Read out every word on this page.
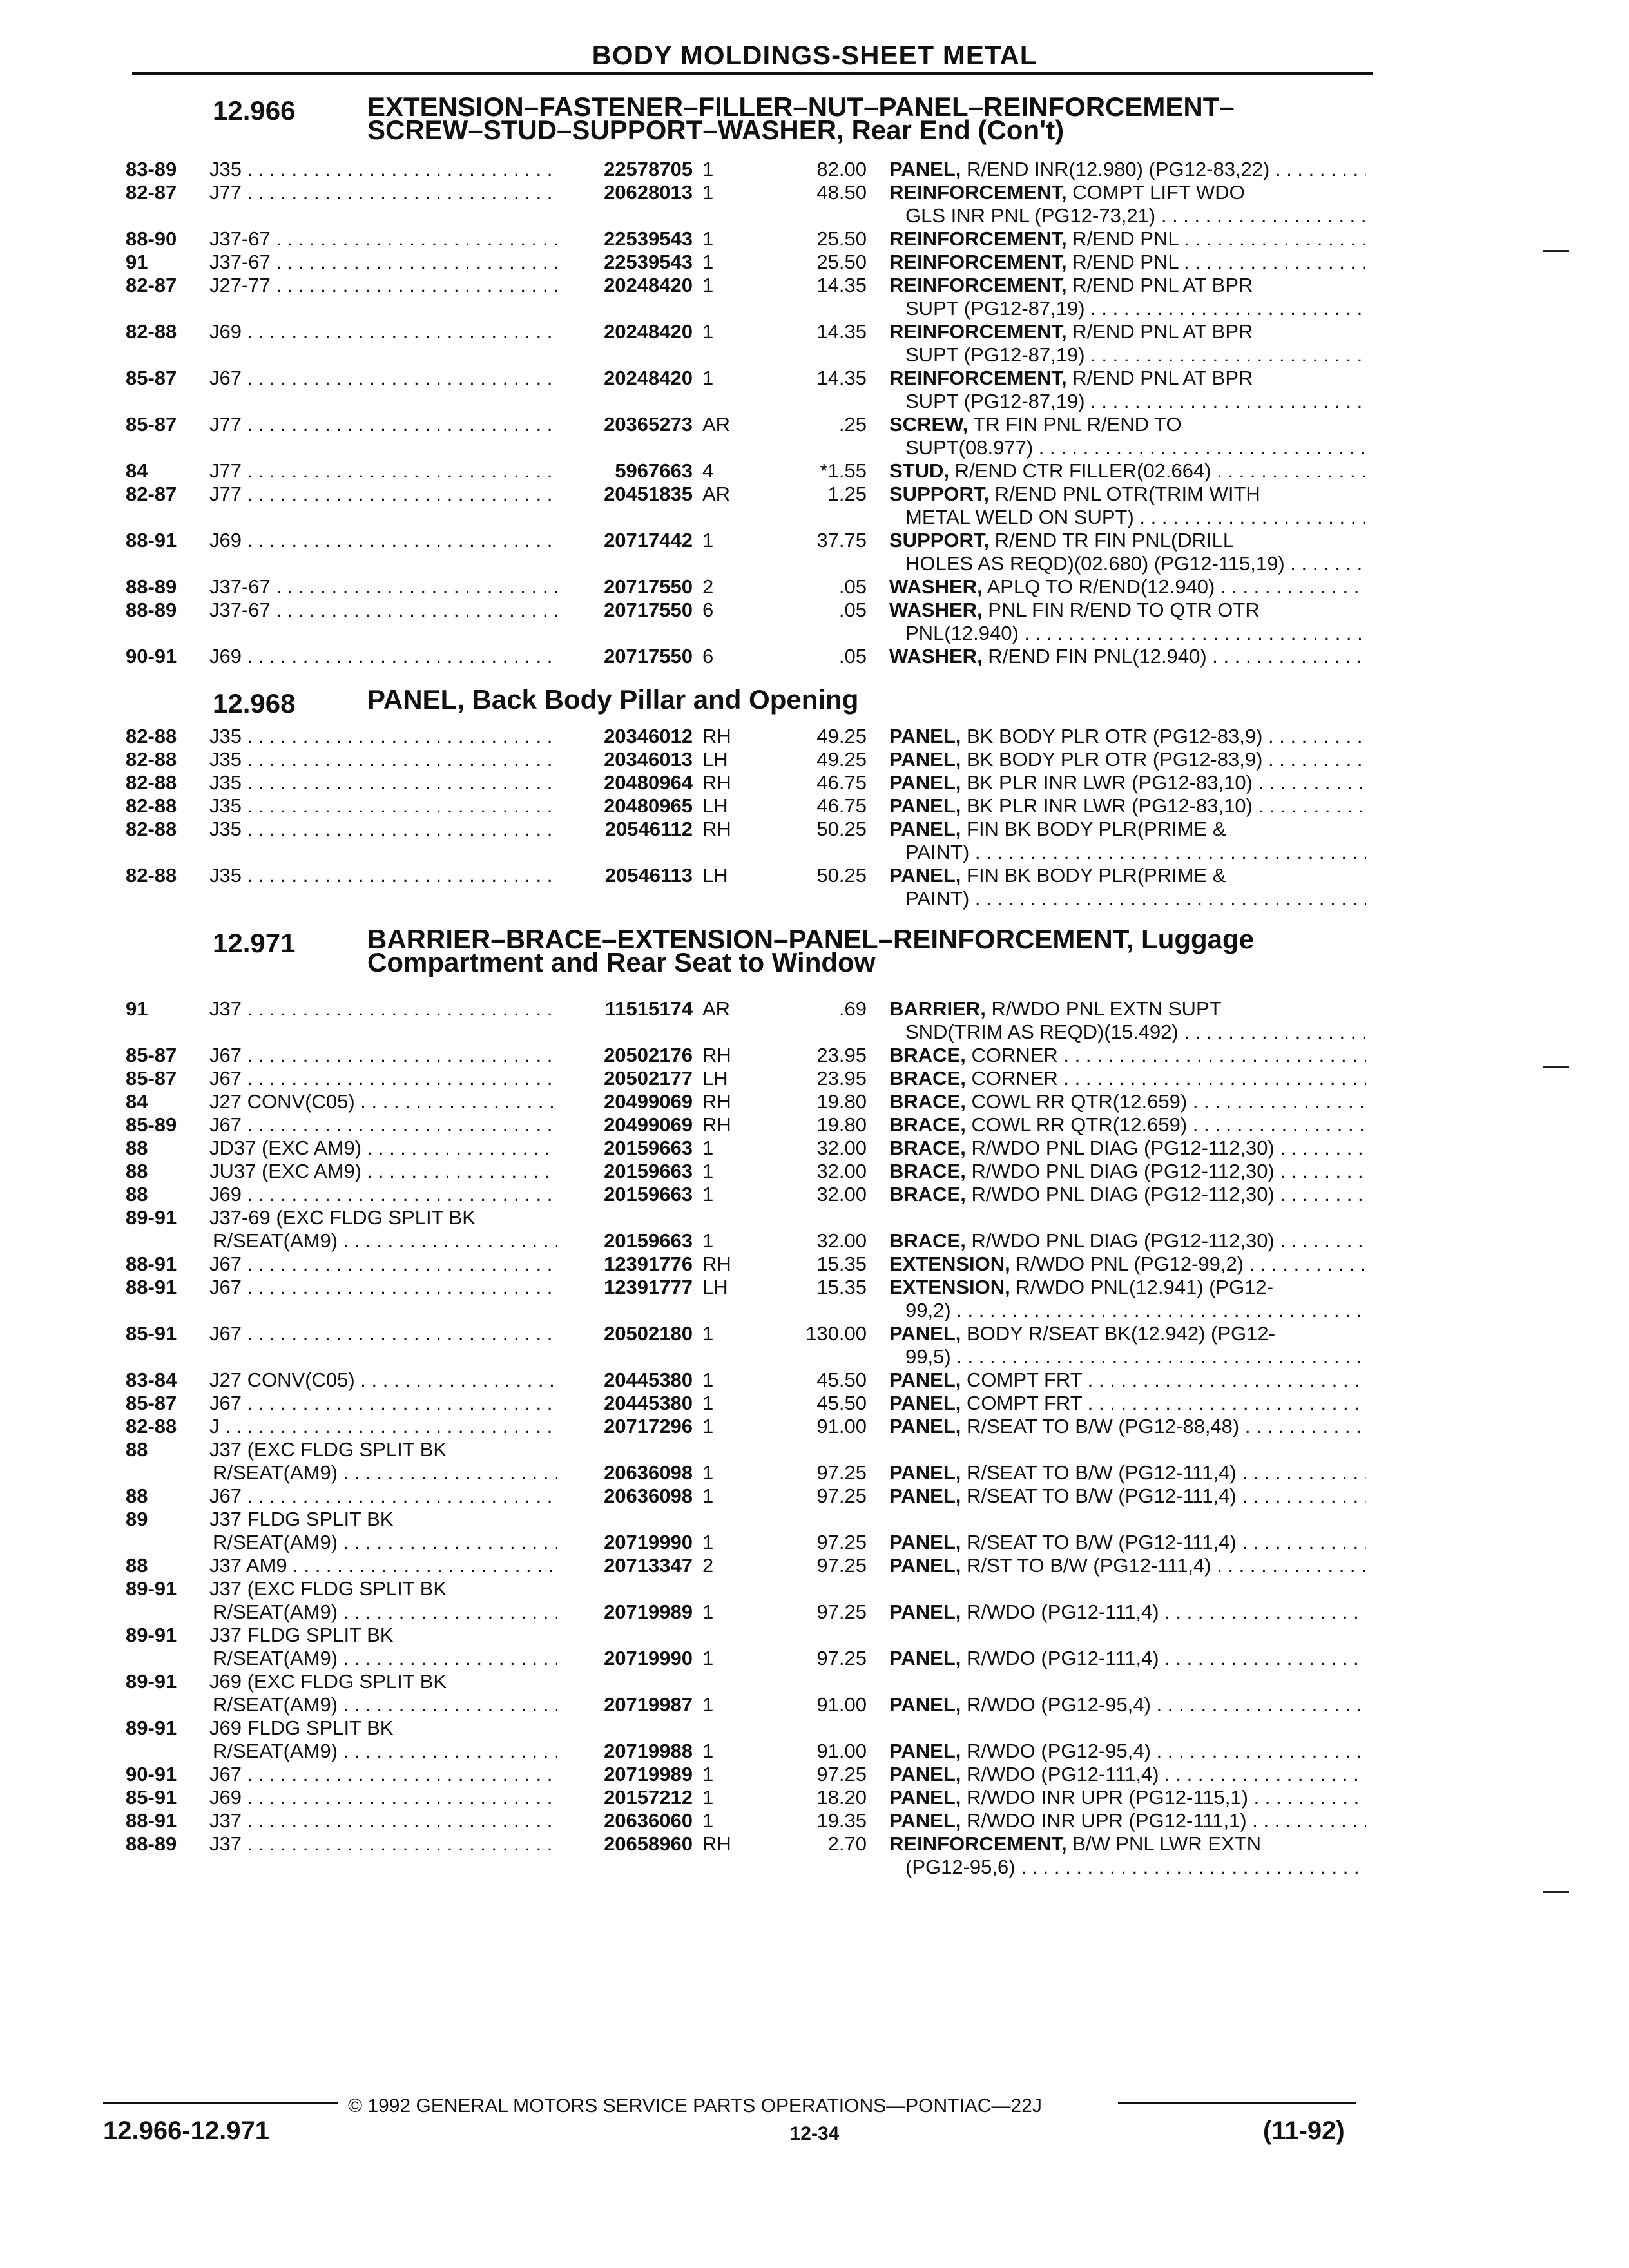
BODY MOLDINGS-SHEET METAL
12.966	EXTENSION–FASTENER–FILLER–NUT–PANEL–REINFORCEMENT–
SCREW–STUD–SUPPORT–WASHER, Rear End (Con't)
83-89 J35 . . .	22578705 1	82.00 PANEL, R/END INR(12.980) (PG12-83,22) . . .
82-87 J77 . . .	20628013 1	48.50 REINFORCEMENT, COMPT LIFT WDO
GLS INR PNL (PG12-73,21) . . .
88-90 J37-67 . . .	22539543 1	25.50 REINFORCEMENT, R/END PNL . . .
91	J37-67 . . .	22539543 1	25.50 REINFORCEMENT, R/END PNL . . .
82-87 J27-77 . . .	20248420 1	14.35 REINFORCEMENT, R/END PNL AT BPR
SUPT (PG12-87,19) . . .
82-88 J69 . . .	20248420 1	14.35 REINFORCEMENT, R/END PNL AT BPR
SUPT (PG12-87,19) . . .
85-87 J67 . . .	20248420 1	14.35 REINFORCEMENT, R/END PNL AT BPR
SUPT (PG12-87,19) . . .
85-87 J77 . . .	20365273 AR	.25 SCREW, TR FIN PNL R/END TO
SUPT(08.977) . . .
84	J77 . . .	5967663 4	*1.55 STUD, R/END CTR FILLER(02.664) . . .
82-87 J77 . . .	20451835 AR	1.25 SUPPORT, R/END PNL OTR(TRIM WITH
METAL WELD ON SUPT) . . .
88-91 J69 . . .	20717442 1	37.75 SUPPORT, R/END TR FIN PNL(DRILL
HOLES AS REQD)(02.680) (PG12-115,19) . . .
88-89 J37-67 . . .	20717550 2	.05 WASHER, APLQ TO R/END(12.940) . . .
88-89 J37-67 . . .	20717550 6	.05 WASHER, PNL FIN R/END TO QTR OTR
PNL(12.940) . . .
90-91 J69 . . .	20717550 6	.05 WASHER, R/END FIN PNL(12.940) . . .
12.968	PANEL, Back Body Pillar and Opening
82-88 J35 . . .	20346012 RH	49.25 PANEL, BK BODY PLR OTR (PG12-83,9) . . .
82-88 J35 . . .	20346013 LH	49.25 PANEL, BK BODY PLR OTR (PG12-83,9) . . .
82-88 J35 . . .	20480964 RH	46.75 PANEL, BK PLR INR LWR (PG12-83,10) . . .
82-88 J35 . . .	20480965 LH	46.75 PANEL, BK PLR INR LWR (PG12-83,10) . . .
82-88 J35 . . .	20546112 RH	50.25 PANEL, FIN BK BODY PLR(PRIME &
PAINT) . . .
82-88 J35 . . .	20546113 LH	50.25 PANEL, FIN BK BODY PLR(PRIME &
PAINT) . . .
12.971	BARRIER–BRACE–EXTENSION–PANEL–REINFORCEMENT, Luggage
Compartment and Rear Seat to Window
91	J37 . . .	11515174 AR	.69 BARRIER, R/WDO PNL EXTN SUPT
SND(TRIM AS REQD)(15.492) . . .
85-87 J67 . . .	20502176 RH	23.95 BRACE, CORNER . . .
85-87 J67 . . .	20502177 LH	23.95 BRACE, CORNER . . .
84	J27 CONV(C05) . . .	20499069 RH	19.80 BRACE, COWL RR QTR(12.659) . . .
85-89 J67 . . .	20499069 RH	19.80 BRACE, COWL RR QTR(12.659) . . .
88	JD37 (EXC AM9) . . .	20159663 1	32.00 BRACE, R/WDO PNL DIAG (PG12-112,30) . . .
88	JU37 (EXC AM9) . . .	20159663 1	32.00 BRACE, R/WDO PNL DIAG (PG12-112,30) . . .
88	J69 . . .	20159663 1	32.00 BRACE, R/WDO PNL DIAG (PG12-112,30) . . .
89-91 J37-69 (EXC FLDG SPLIT BK
R/SEAT(AM9) . . .	20159663 1	32.00 BRACE, R/WDO PNL DIAG (PG12-112,30) . . .
88-91 J67 . . .	12391776 RH	15.35 EXTENSION, R/WDO PNL (PG12-99,2) . . .
88-91 J67 . . .	12391777 LH	15.35 EXTENSION, R/WDO PNL(12.941) (PG12-
99,2) . . .
85-91 J67 . . .	20502180 1	130.00 PANEL, BODY R/SEAT BK(12.942) (PG12-
99,5) . . .
83-84 J27 CONV(C05) . . .	20445380 1	45.50 PANEL, COMPT FRT . . .
85-87 J67 . . .	20445380 1	45.50 PANEL, COMPT FRT . . .
82-88 J . . .	20717296 1	91.00 PANEL, R/SEAT TO B/W (PG12-88,48) . . .
88	J37 (EXC FLDG SPLIT BK
R/SEAT(AM9) . . .	20636098 1	97.25 PANEL, R/SEAT TO B/W (PG12-111,4) . . .
88	J67 . . .	20636098 1	97.25 PANEL, R/SEAT TO B/W (PG12-111,4) . . .
89	J37 FLDG SPLIT BK
R/SEAT(AM9) . . .	20719990 1	97.25 PANEL, R/SEAT TO B/W (PG12-111,4) . . .
88	J37 AM9 . . .	20713347 2	97.25 PANEL, R/ST TO B/W (PG12-111,4) . . .
89-91 J37 (EXC FLDG SPLIT BK
R/SEAT(AM9) . . .	20719989 1	97.25 PANEL, R/WDO (PG12-111,4) . . .
89-91 J37 FLDG SPLIT BK
R/SEAT(AM9) . . .	20719990 1	97.25 PANEL, R/WDO (PG12-111,4) . . .
89-91 J69 (EXC FLDG SPLIT BK
R/SEAT(AM9) . . .	20719987 1	91.00 PANEL, R/WDO (PG12-95,4) . . .
89-91 J69 FLDG SPLIT BK
R/SEAT(AM9) . . .	20719988 1	91.00 PANEL, R/WDO (PG12-95,4) . . .
90-91 J67 . . .	20719989 1	97.25 PANEL, R/WDO (PG12-111,4) . . .
85-91 J69 . . .	20157212 1	18.20 PANEL, R/WDO INR UPR (PG12-115,1) . . .
88-91 J37 . . .	20636060 1	19.35 PANEL, R/WDO INR UPR (PG12-111,1) . . .
88-89 J37 . . .	20658960 RH	2.70 REINFORCEMENT, B/W PNL LWR EXTN
(PG12-95,6) . . .
© 1992 GENERAL MOTORS SERVICE PARTS OPERATIONS—PONTIAC—22J
12.966-12.971	12-34	(11-92)
